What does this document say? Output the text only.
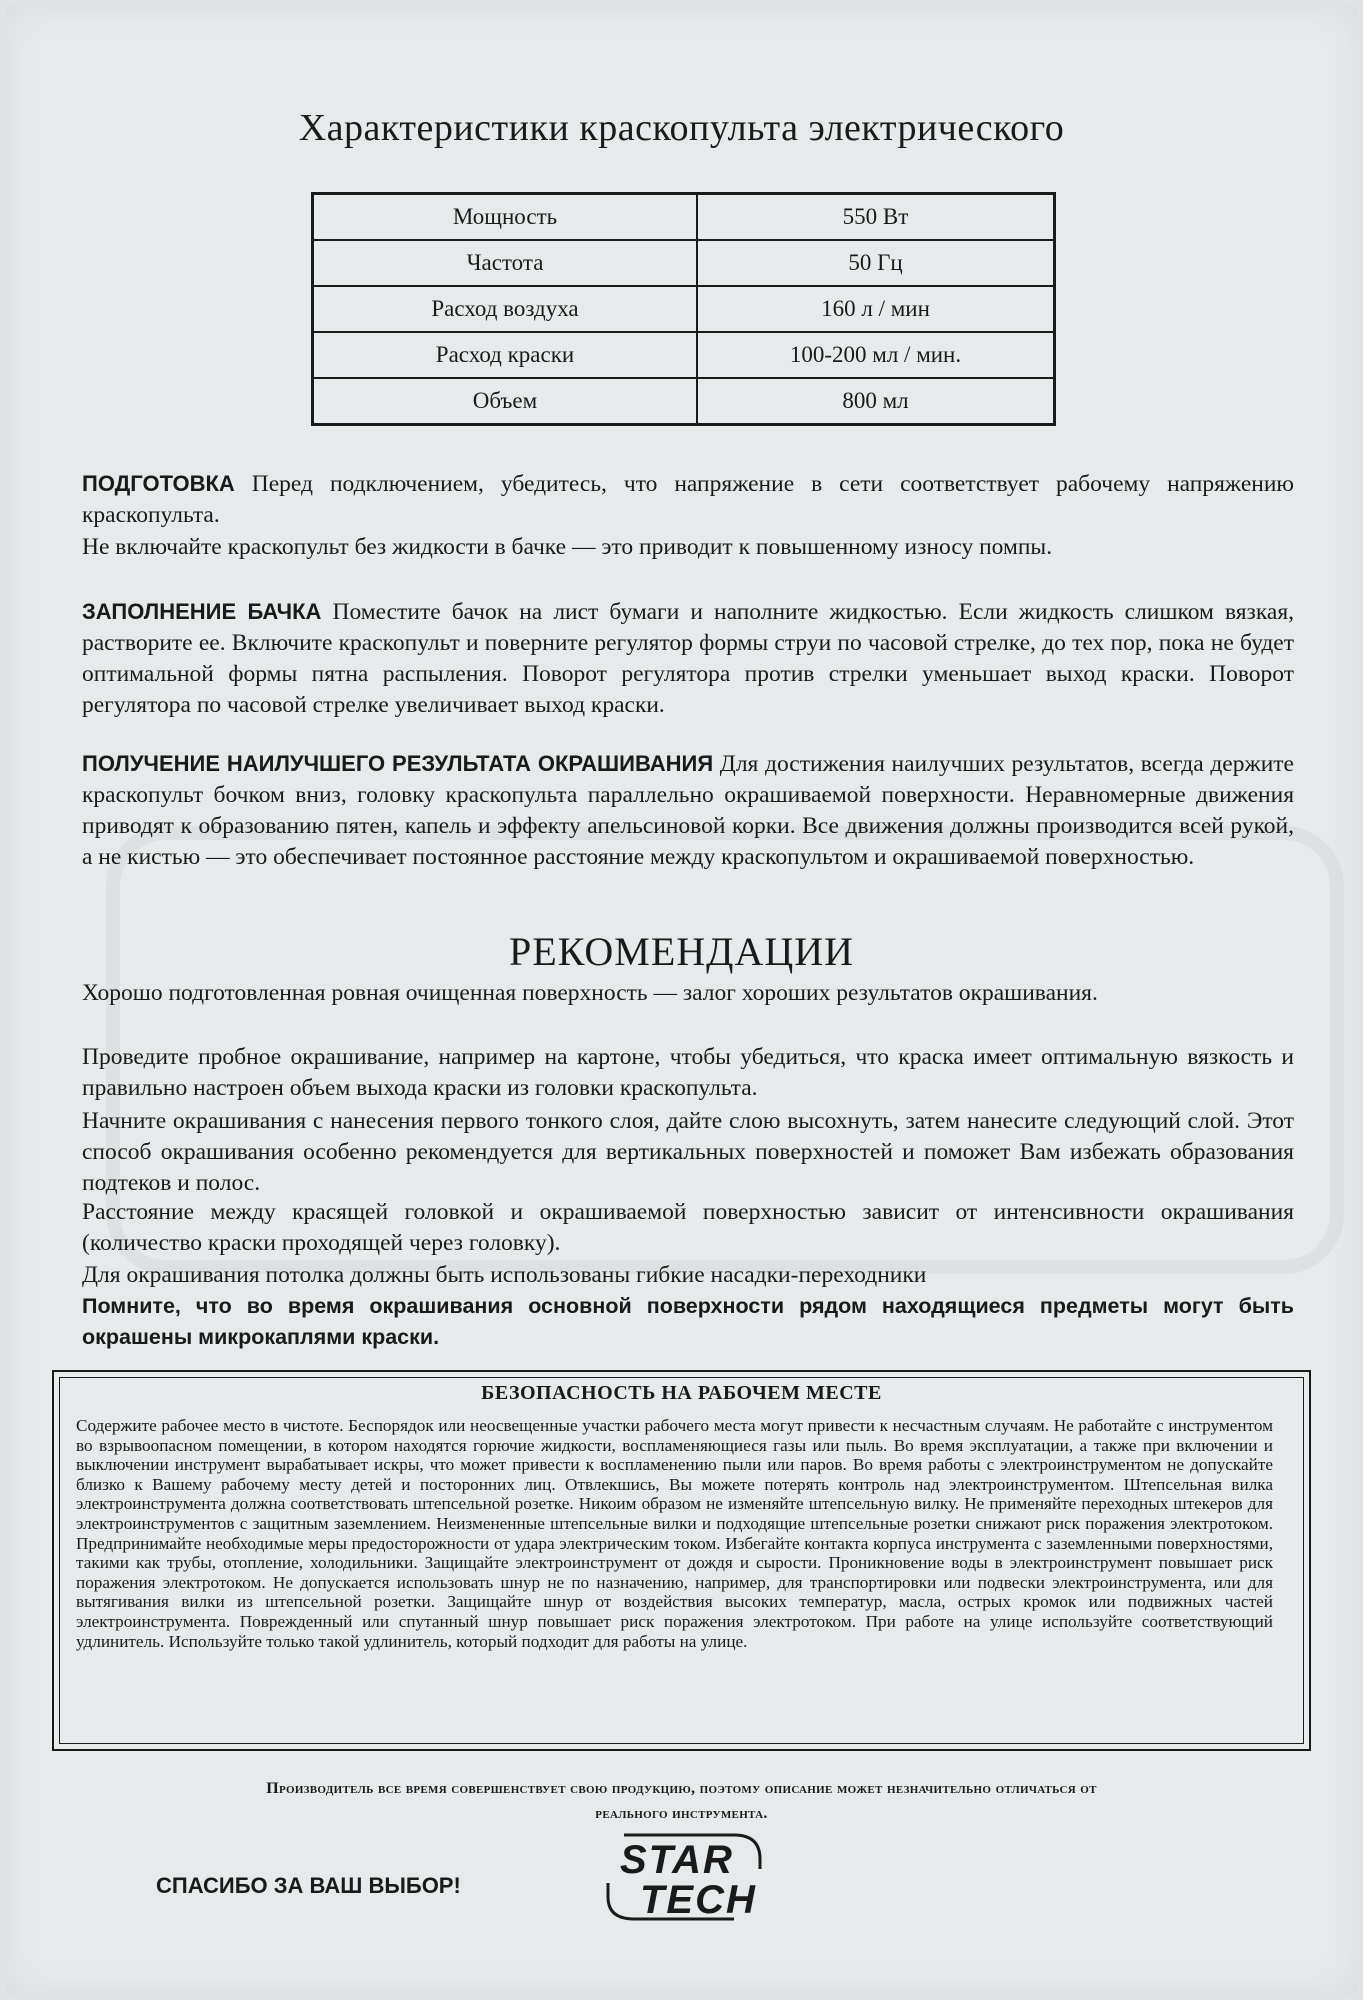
Характеристики краскопульта электрического
Мощность	550 Вт
Частота	50 Гц
Расход воздуха	160 л / мин
Расход краски	100-200 мл / мин.
Объем	800 мл

ПОДГОТОВКА Перед подключением, убедитесь, что напряжение в сети соответствует рабочему напряжению краскопульта.

Не включайте краскопульт без жидкости в бачке — это приводит к повышенному износу помпы.

ЗАПОЛНЕНИЕ БАЧКА Поместите бачок на лист бумаги и наполните жидкостью. Если жидкость слишком вязкая, растворите ее. Включите краскопульт и поверните регулятор формы струи по часовой стрелке, до тех пор, пока не будет оптимальной формы пятна распыления. Поворот регулятора против стрелки уменьшает выход краски. Поворот регулятора по часовой стрелке увеличивает выход краски.

ПОЛУЧЕНИЕ НАИЛУЧШЕГО РЕЗУЛЬТАТА ОКРАШИВАНИЯ Для достижения наилучших результатов, всегда держите краскопульт бочком вниз, головку краскопульта параллельно окрашиваемой поверхности. Неравномерные движения приводят к образованию пятен, капель и эффекту апельсиновой корки. Все движения должны производится всей рукой, а не кистью — это обеспечивает постоянное расстояние между краскопультом и окрашиваемой поверхностью.

РЕКОМЕНДАЦИИ

Хорошо подготовленная ровная очищенная поверхность — залог хороших результатов окрашивания.

Проведите пробное окрашивание, например на картоне, чтобы убедиться, что краска имеет оптимальную вязкость и правильно настроен объем выхода краски из головки краскопульта.

Начните окрашивания с нанесения первого тонкого слоя, дайте слою высохнуть, затем нанесите следующий слой. Этот способ окрашивания особенно рекомендуется для вертикальных поверхностей и поможет Вам избежать образования подтеков и полос.

Расстояние между красящей головкой и окрашиваемой поверхностью зависит от интенсивности окрашивания (количество краски проходящей через головку).

Для окрашивания потолка должны быть использованы гибкие насадки-переходники

Помните, что во время окрашивания основной поверхности рядом находящиеся предметы могут быть окрашены микрокаплями краски.

БЕЗОПАСНОСТЬ НА РАБОЧЕМ МЕСТЕ

Содержите рабочее место в чистоте. Беспорядок или неосвещенные участки рабочего места могут привести к несчастным случаям. Не работайте с инструментом во взрывоопасном помещении, в котором находятся горючие жидкости, воспламеняющиеся газы или пыль. Во время эксплуатации, а также при включении и выключении инструмент вырабатывает искры, что может привести к воспламенению пыли или паров. Во время работы с электроинструментом не допускайте близко к Вашему рабочему месту детей и посторонних лиц. Отвлекшись, Вы можете потерять контроль над электроинструментом. Штепсельная вилка электроинструмента должна соответствовать штепсельной розетке. Никоим образом не изменяйте штепсельную вилку. Не применяйте переходных штекеров для электроинструментов с защитным заземлением. Неизмененные штепсельные вилки и подходящие штепсельные розетки снижают риск поражения электротоком. Предпринимайте необходимые меры предосторожности от удара электрическим током. Избегайте контакта корпуса инструмента с заземленными поверхностями, такими как трубы, отопление, холодильники. Защищайте электроинструмент от дождя и сырости. Проникновение воды в электроинструмент повышает риск поражения электротоком. Не допускается использовать шнур не по назначению, например, для транспортировки или подвески электроинструмента, или для вытягивания вилки из штепсельной розетки. Защищайте шнур от воздействия высоких температур, масла, острых кромок или подвижных частей электроинструмента. Поврежденный или спутанный шнур повышает риск поражения электротоком. При работе на улице используйте соответствующий удлинитель. Используйте только такой удлинитель, который подходит для работы на улице.

Производитель все время совершенствует свою продукцию, поэтому описание может незначительно отличаться от
реального инструмента.

СПАСИБО ЗА ВАШ ВЫБОР!

STAR
TECH
